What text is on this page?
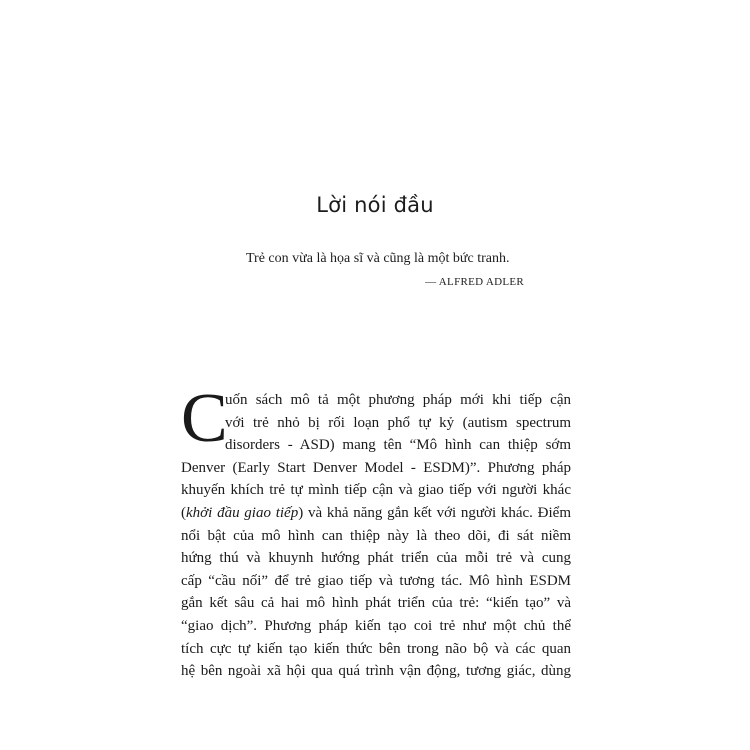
Lời nói đầu
Trẻ con vừa là họa sĩ và cũng là một bức tranh.
— ALFRED ADLER
C
uốn sách mô tả một phương pháp mới khi tiếp cận
với trẻ nhỏ bị rối loạn phổ tự kỷ (autism spectrum
disorders - ASD) mang tên “Mô hình can thiệp sớm
Denver (Early Start Denver Model - ESDM)”. Phương pháp
khuyến khích trẻ tự mình tiếp cận và giao tiếp với người khác
(khởi đầu giao tiếp) và khả năng gắn kết với người khác. Điểm
nổi bật của mô hình can thiệp này là theo dõi, đi sát niềm
hứng thú và khuynh hướng phát triển của mỗi trẻ và cung
cấp “cầu nối” để trẻ giao tiếp và tương tác. Mô hình ESDM
gắn kết sâu cả hai mô hình phát triển của trẻ: “kiến tạo” và
“giao dịch”. Phương pháp kiến tạo coi trẻ như một chủ thể
tích cực tự kiến tạo kiến thức bên trong não bộ và các quan
hệ bên ngoài xã hội qua quá trình vận động, tương giác, dùng
